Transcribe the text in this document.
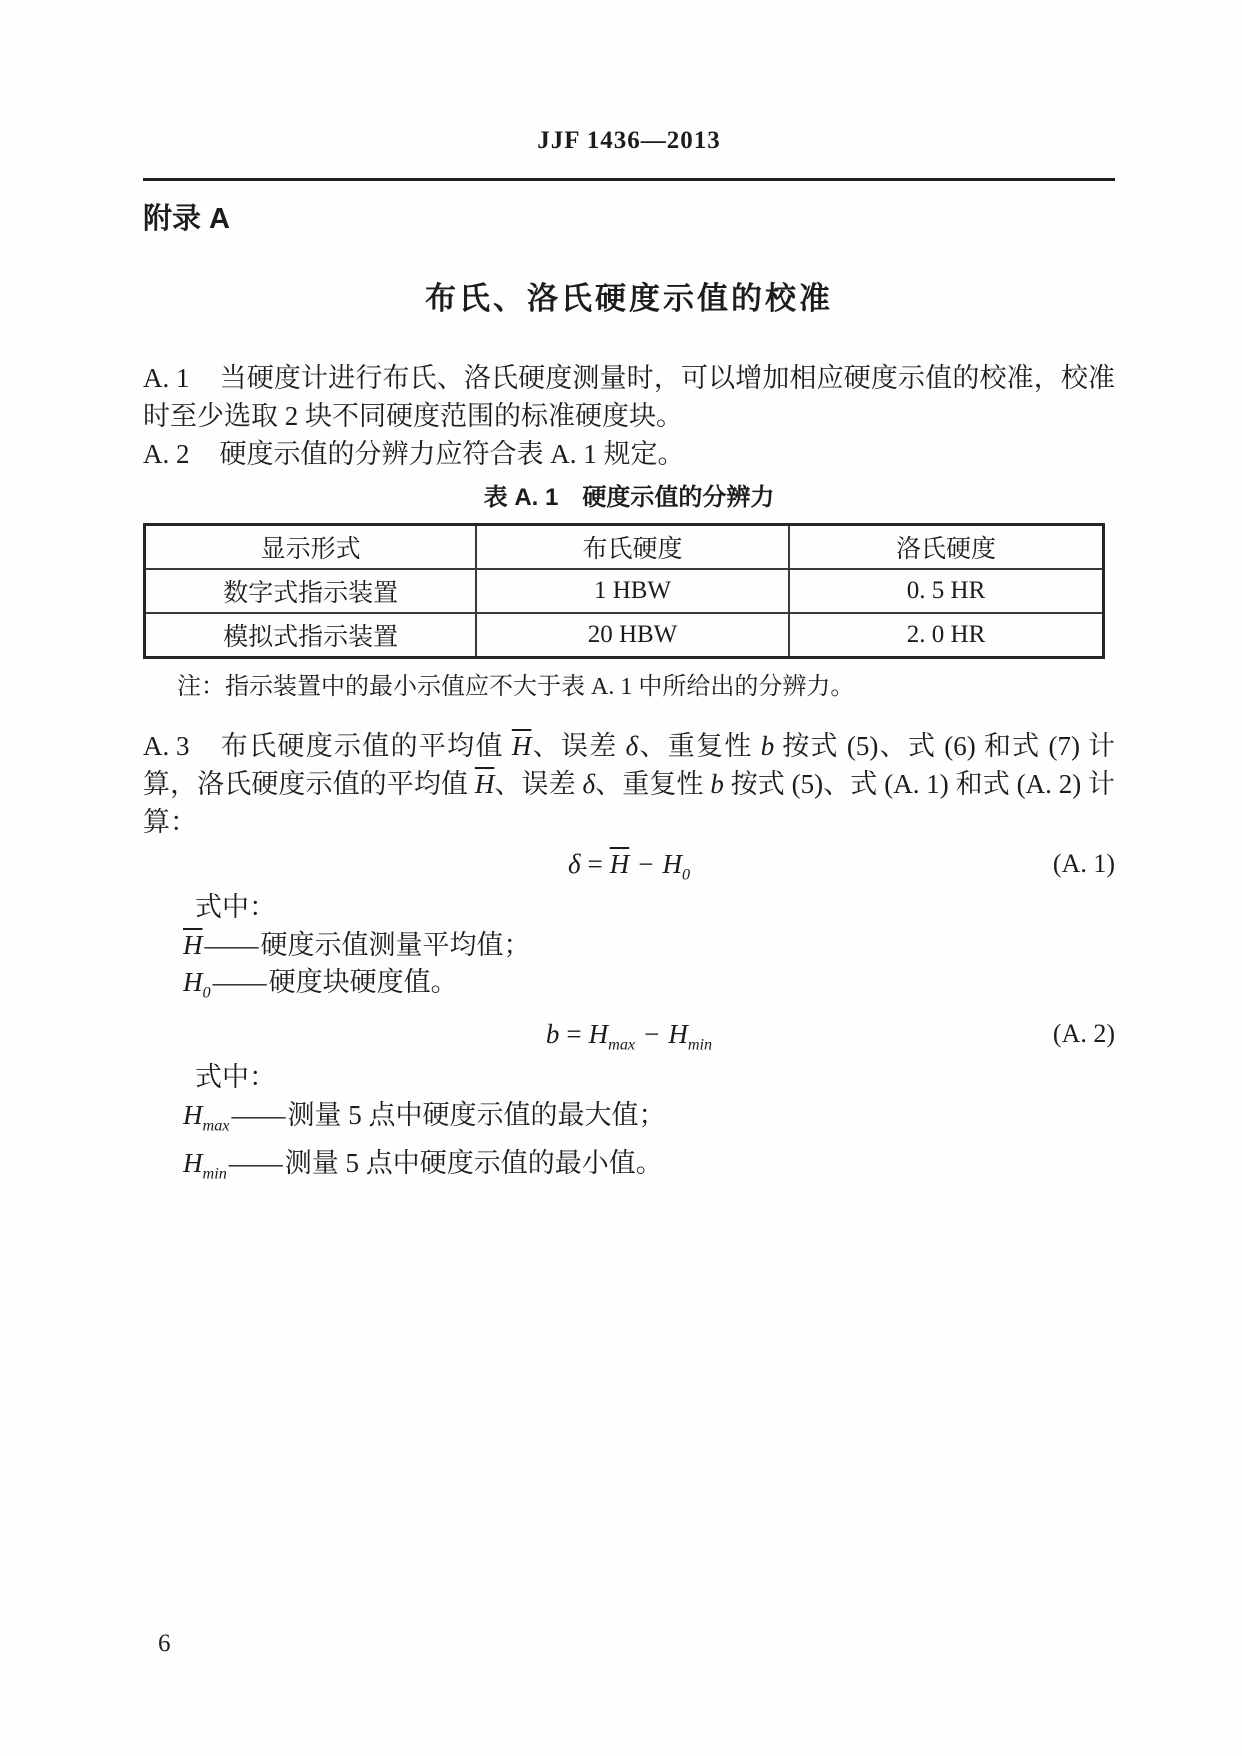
JJF 1436—2013
附录 A
布氏、洛氏硬度示值的校准

A. 1 当硬度计进行布氏、洛氏硬度测量时，可以增加相应硬度示值的校准，校准时至少选取 2 块不同硬度范围的标准硬度块。

A. 2 硬度示值的分辨力应符合表 A. 1 规定。

表 A. 1　硬度示值的分辨力
显示形式	布氏硬度	洛氏硬度
数字式指示装置	1 HBW	0. 5 HR
模拟式指示装置	20 HBW	2. 0 HR

注：指示装置中的最小示值应不大于表 A. 1 中所给出的分辨力。

A. 3 布氏硬度示值的平均值 $\overline{H}$、误差 δ、重复性 b 按式 (5)、式 (6) 和式 (7) 计算，洛氏硬度示值的平均值 $\overline{H}$、误差 δ、重复性 b 按式 (5)、式 (A. 1) 和式 (A. 2) 计算：

$\delta = \overline{H} - H_0$	(A. 1)

式中：

$\overline{H}——$硬度示值测量平均值；

$H_0——$硬度块硬度值。

$b = H_{max} - H_{min}$	(A. 2)

式中：

$H_{max}——$测量 5 点中硬度示值的最大值；

$H_{min}——$测量 5 点中硬度示值的最小值。

6
